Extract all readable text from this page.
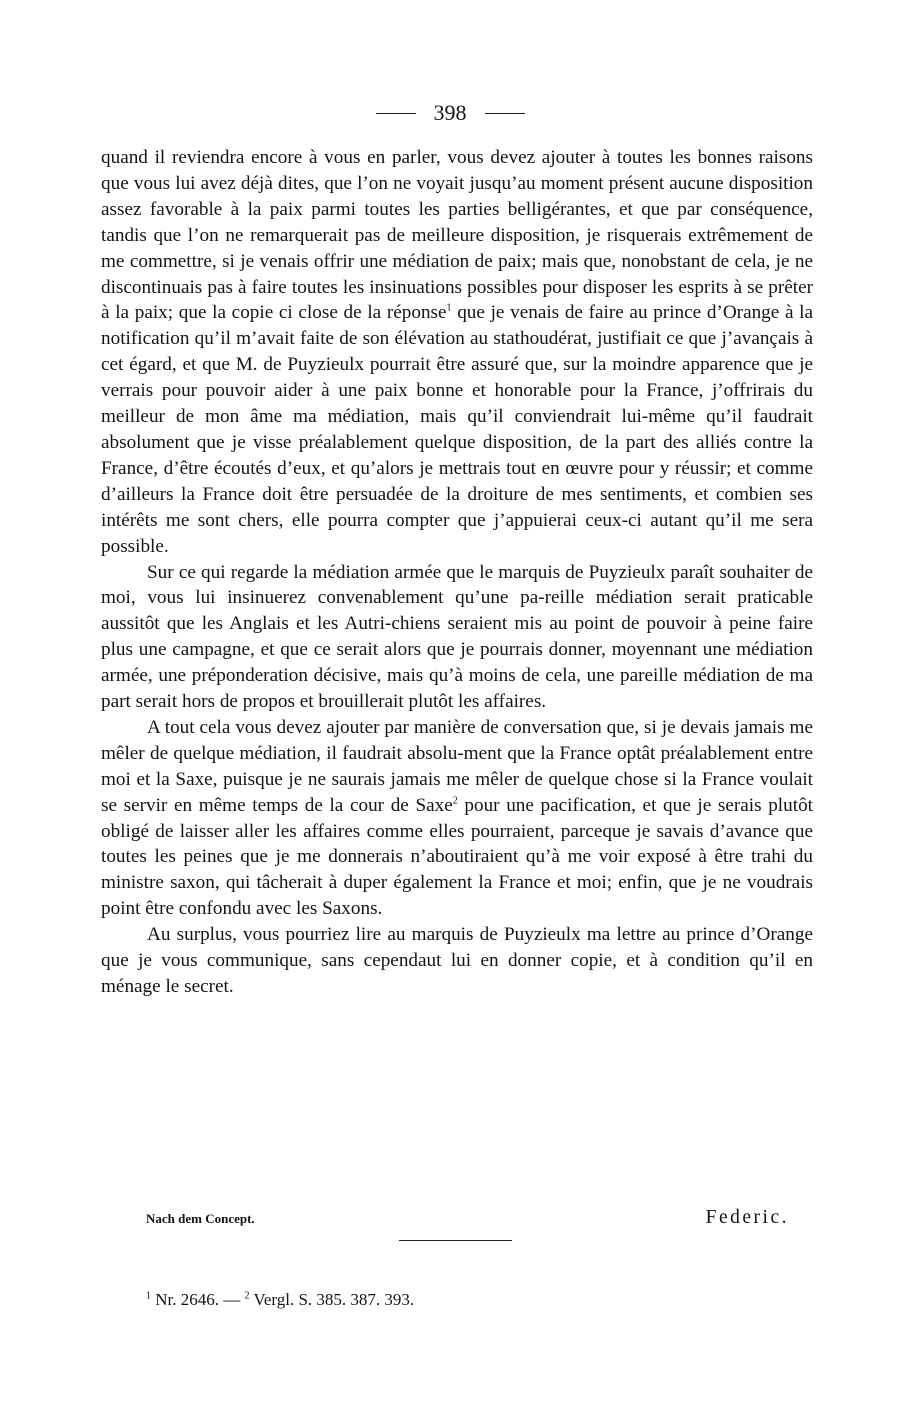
398

quand il reviendra encore à vous en parler, vous devez ajouter à toutes les bonnes raisons que vous lui avez déjà dites, que l’on ne voyait jusqu’au moment présent aucune disposition assez favorable à la paix parmi toutes les parties belligérantes, et que par conséquence, tandis que l’on ne remarquerait pas de meilleure disposition, je risquerais extrêmement de me commettre, si je venais offrir une médiation de paix; mais que, nonobstant de cela, je ne discontinuais pas à faire toutes les insinuations possibles pour disposer les esprits à se prêter à la paix; que la copie ci close de la réponse$^1$ que je venais de faire au prince d’Orange à la notification qu’il m’avait faite de son élévation au stathoudérat, justifiait ce que j’avançais à cet égard, et que M. de Puyzieulx pourrait être assuré que, sur la moindre apparence que je verrais pour pouvoir aider à une paix bonne et honorable pour la France, j’offrirais du meilleur de mon âme ma médiation, mais qu’il conviendrait lui-même qu’il faudrait absolument que je visse préalablement quelque disposition, de la part des alliés contre la France, d’être écoutés d’eux, et qu’alors je mettrais tout en œuvre pour y réussir; et comme d’ailleurs la France doit être persuadée de la droiture de mes sentiments, et combien ses intérêts me sont chers, elle pourra compter que j’appuierai ceux-ci autant qu’il me sera possible.

Sur ce qui regarde la médiation armée que le marquis de Puyzieulx paraît souhaiter de moi, vous lui insinuerez convenablement qu’une pa-reille médiation serait praticable aussitôt que les Anglais et les Autri-chiens seraient mis au point de pouvoir à peine faire plus une campagne, et que ce serait alors que je pourrais donner, moyennant une médiation armée, une préponderation décisive, mais qu’à moins de cela, une pareille médiation de ma part serait hors de propos et brouillerait plutôt les affaires.

A tout cela vous devez ajouter par manière de conversation que, si je devais jamais me mêler de quelque médiation, il faudrait absolu-ment que la France optât préalablement entre moi et la Saxe, puisque je ne saurais jamais me mêler de quelque chose si la France voulait se servir en même temps de la cour de Saxe$^2$ pour une pacification, et que je serais plutôt obligé de laisser aller les affaires comme elles pourraient, parceque je savais d’avance que toutes les peines que je me donnerais n’aboutiraient qu’à me voir exposé à être trahi du ministre saxon, qui tâcherait à duper également la France et moi; enfin, que je ne voudrais point être confondu avec les Saxons.

Au surplus, vous pourriez lire au marquis de Puyzieulx ma lettre au prince d’Orange que je vous communique, sans cependaut lui en donner copie, et à condition qu’il en ménage le secret.

Nach dem Concept.	Federic.
$^1$ Nr. 2646. — $^2$ Vergl. S. 385. 387. 393.
